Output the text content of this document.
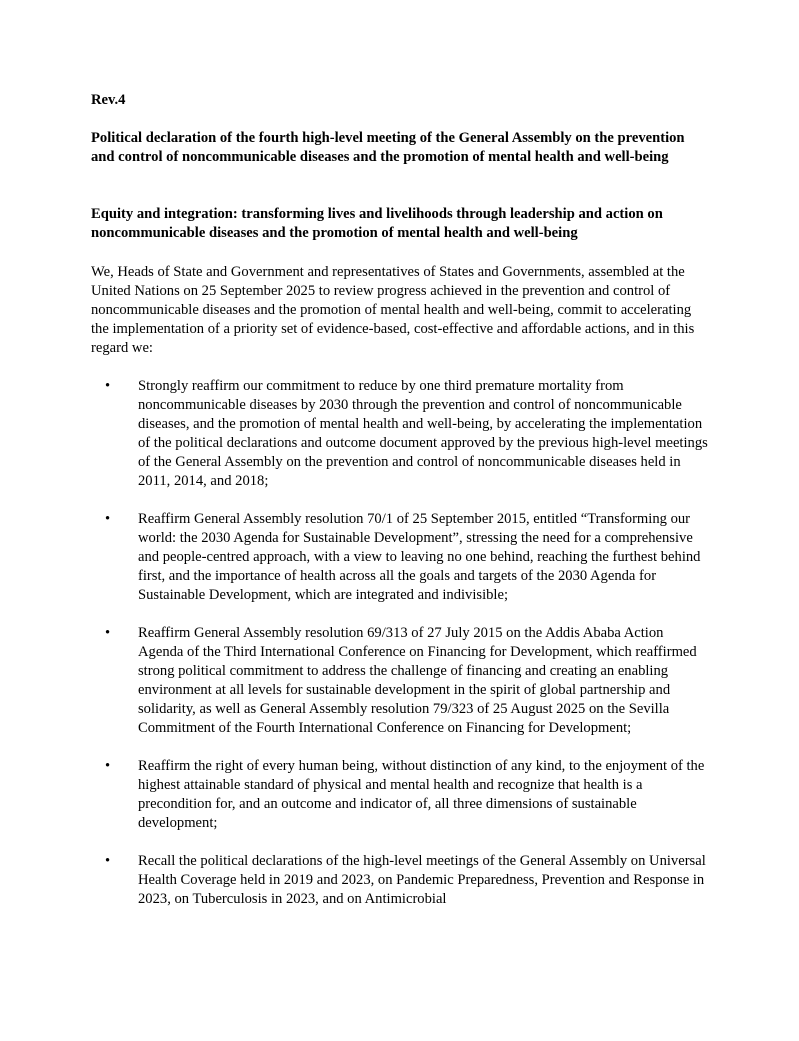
Rev.4

Political declaration of the fourth high-level meeting of the General Assembly on the prevention and control of noncommunicable diseases and the promotion of mental health and well-being

Equity and integration: transforming lives and livelihoods through leadership and action on noncommunicable diseases and the promotion of mental health and well-being

We, Heads of State and Government and representatives of States and Governments, assembled at the United Nations on 25 September 2025 to review progress achieved in the prevention and control of noncommunicable diseases and the promotion of mental health and well-being, commit to accelerating the implementation of a priority set of evidence-based, cost-effective and affordable actions, and in this regard we:

• Strongly reaffirm our commitment to reduce by one third premature mortality from noncommunicable diseases by 2030 through the prevention and control of noncommunicable diseases, and the promotion of mental health and well-being, by accelerating the implementation of the political declarations and outcome document approved by the previous high-level meetings of the General Assembly on the prevention and control of noncommunicable diseases held in 2011, 2014, and 2018;
• Reaffirm General Assembly resolution 70/1 of 25 September 2015, entitled “Transforming our world: the 2030 Agenda for Sustainable Development”, stressing the need for a comprehensive and people-centred approach, with a view to leaving no one behind, reaching the furthest behind first, and the importance of health across all the goals and targets of the 2030 Agenda for Sustainable Development, which are integrated and indivisible;
• Reaffirm General Assembly resolution 69/313 of 27 July 2015 on the Addis Ababa Action Agenda of the Third International Conference on Financing for Development, which reaffirmed strong political commitment to address the challenge of financing and creating an enabling environment at all levels for sustainable development in the spirit of global partnership and solidarity, as well as General Assembly resolution 79/323 of 25 August 2025 on the Sevilla Commitment of the Fourth International Conference on Financing for Development;
• Reaffirm the right of every human being, without distinction of any kind, to the enjoyment of the highest attainable standard of physical and mental health and recognize that health is a precondition for, and an outcome and indicator of, all three dimensions of sustainable development;
• Recall the political declarations of the high-level meetings of the General Assembly on Universal Health Coverage held in 2019 and 2023, on Pandemic Preparedness, Prevention and Response in 2023, on Tuberculosis in 2023, and on Antimicrobial
